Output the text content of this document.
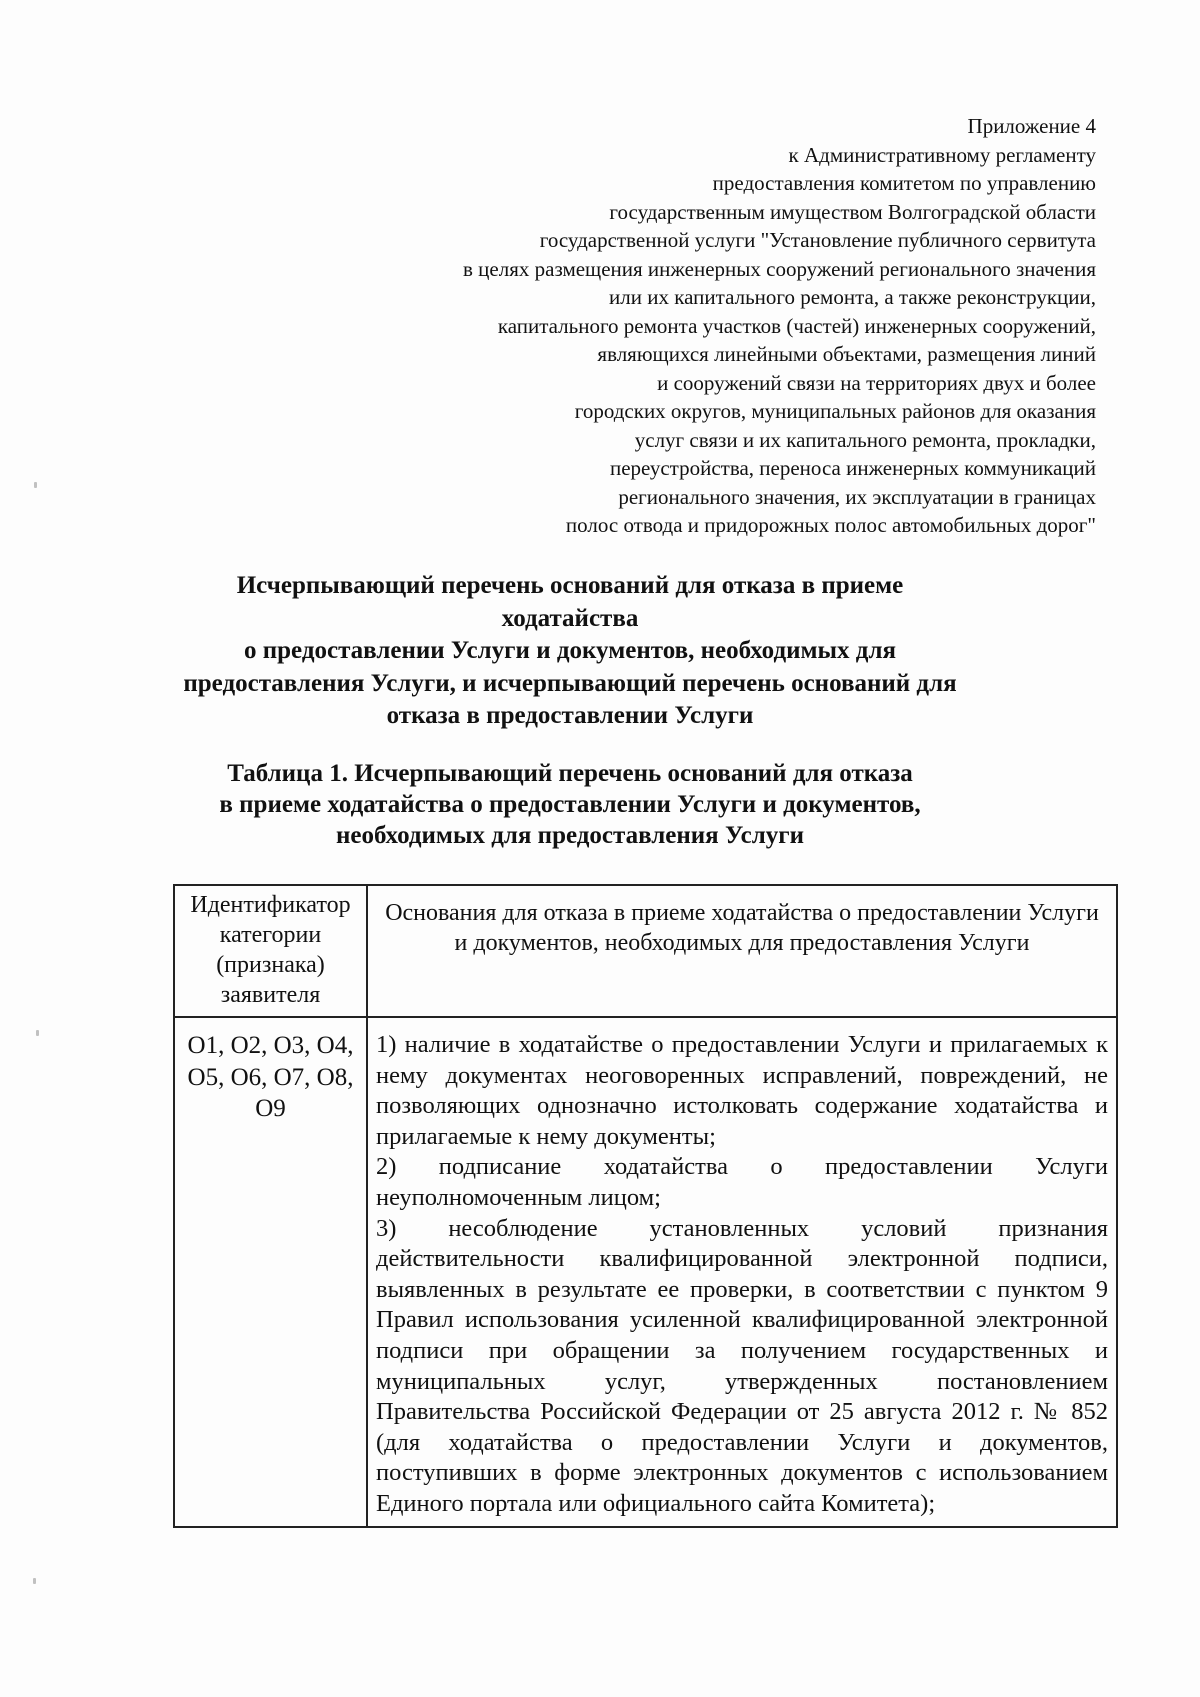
Приложение 4
к Административному регламенту
предоставления комитетом по управлению
государственным имуществом Волгоградской области
государственной услуги "Установление публичного сервитута
в целях размещения инженерных сооружений регионального значения
или их капитального ремонта, а также реконструкции,
капитального ремонта участков (частей) инженерных сооружений,
являющихся линейными объектами, размещения линий
и сооружений связи на территориях двух и более
городских округов, муниципальных районов для оказания
услуг связи и их капитального ремонта, прокладки,
переустройства, переноса инженерных коммуникаций
регионального значения, их эксплуатации в границах
полос отвода и придорожных полос автомобильных дорог"
Исчерпывающий перечень оснований для отказа в приеме
ходатайства
о предоставлении Услуги и документов, необходимых для
предоставления Услуги, и исчерпывающий перечень оснований для
отказа в предоставлении Услуги
Таблица 1. Исчерпывающий перечень оснований для отказа
в приеме ходатайства о предоставлении Услуги и документов,
необходимых для предоставления Услуги
Идентификатор категории (признака) заявителя	Основания для отказа в приеме ходатайства о предоставлении Услуги и документов, необходимых для предоставления Услуги

О1, О2, О3, О4, О5, О6, О7, О8, О9	1) наличие в ходатайстве о предоставлении Услуги и прилагаемых к нему документах неоговоренных исправлений, повреждений, не позволяющих однозначно истолковать содержание ходатайства и прилагаемые к нему документы;

2) подписание ходатайства о предоставлении Услуги неуполномоченным лицом;

3) несоблюдение установленных условий признания действительности квалифицированной электронной подписи, выявленных в результате ее проверки, в соответствии с пунктом 9 Правил использования усиленной квалифицированной электронной подписи при обращении за получением государственных и муниципальных услуг, утвержденных постановлением Правительства Российской Федерации от 25 августа 2012 г. № 852 (для ходатайства о предоставлении Услуги и документов, поступивших в форме электронных документов с использованием Единого портала или официального сайта Комитета);
